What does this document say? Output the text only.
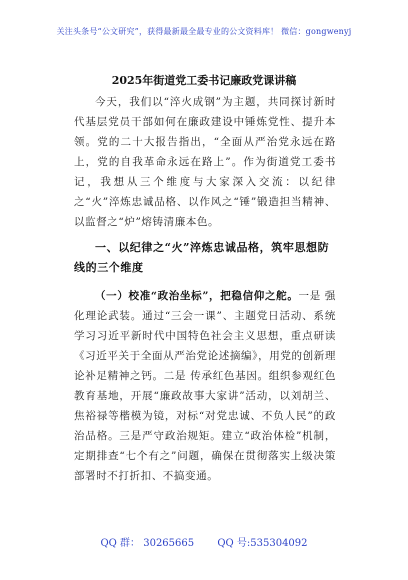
关注头条号“公文研究”，获得最新最全最专业的公文资料库！ 微信：gongwenyj
2025年街道党工委书记廉政党课讲稿
今天，我们以“淬火成钢”为主题，共同探讨新时代基层党员干部如何在廉政建设中锤炼党性、提升本领。党的二十大报告指出，“全面从严治党永远在路上，党的自我革命永远在路上”。作为街道党工委书记，我想从三个维度与大家深入交流：以纪律之“火”淬炼忠诚品格、以作风之“锤”锻造担当精神、以监督之“炉”熔铸清廉本色。
一、以纪律之“火”淬炼忠诚品格，筑牢思想防线的三个维度
（一）校准“政治坐标”，把稳信仰之舵。一是 强化理论武装。通过“三会一课”、主题党日活动、系统学习习近平新时代中国特色社会主义思想，重点研读《习近平关于全面从严治党论述摘编》，用党的创新理论补足精神之钙。二是 传承红色基因。组织参观红色教育基地，开展“廉政故事大家讲”活动，以刘胡兰、焦裕禄等楷模为镜，对标“对党忠诚、不负人民”的政治品格。三是严守政治规矩。建立“政治体检”机制，定期排查“七个有之”问题，确保在贯彻落实上级决策部署时不打折扣、不搞变通。
QQ 群： 30265665 QQ 号:535304092
